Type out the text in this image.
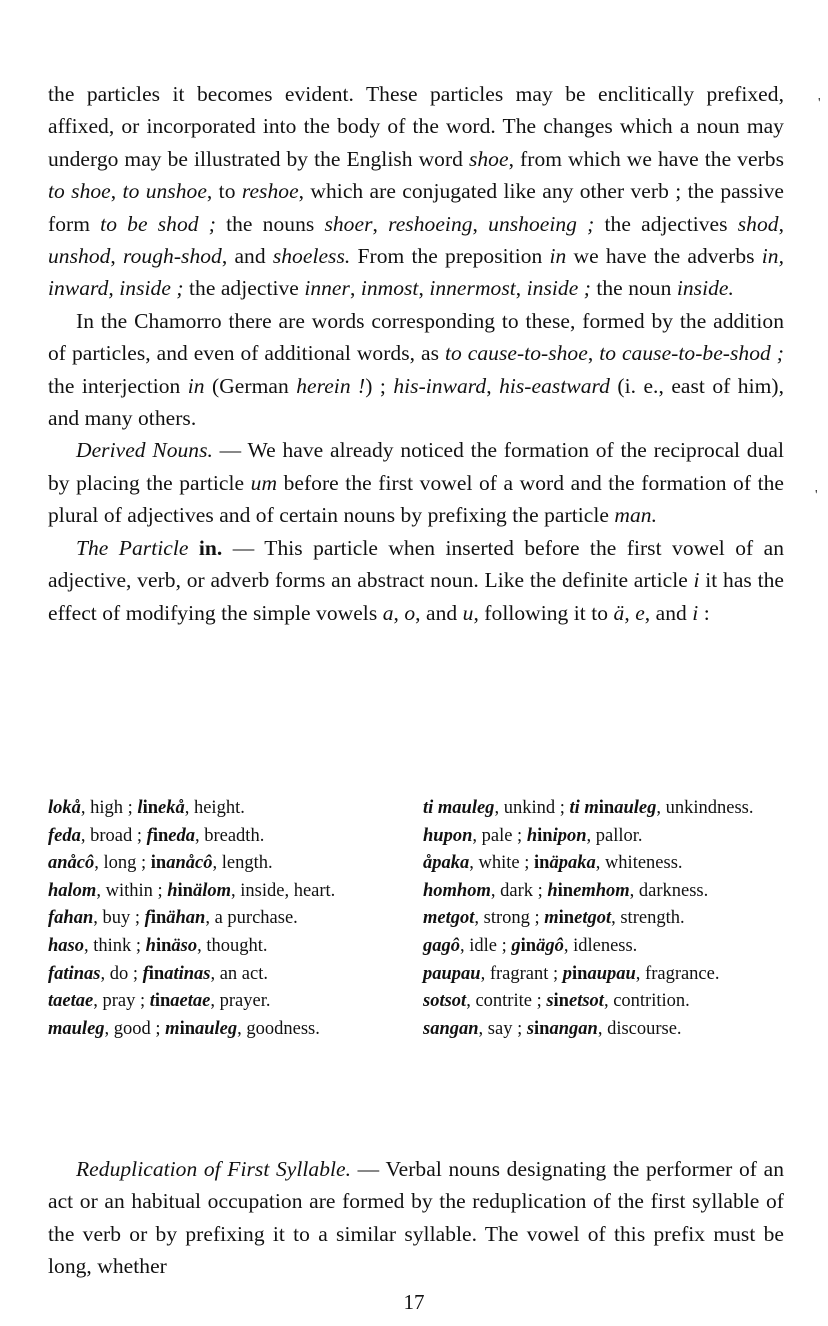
the particles it becomes evident. These particles may be enclitically prefixed, affixed, or incorporated into the body of the word. The changes which a noun may undergo may be illustrated by the English word shoe, from which we have the verbs to shoe, to unshoe, to reshoe, which are conjugated like any other verb ; the passive form to be shod ; the nouns shoer, reshoeing, unshoeing ; the adjectives shod, unshod, rough-shod, and shoeless. From the preposition in we have the adverbs in, inward, inside ; the adjective inner, inmost, innermost, inside ; the noun inside.

In the Chamorro there are words corresponding to these, formed by the addition of particles, and even of additional words, as to cause-to-shoe, to cause-to-be-shod ; the interjection in (German herein !) ; his-inward, his-eastward (i. e., east of him), and many others.

Derived Nouns. — We have already noticed the formation of the reciprocal dual by placing the particle um before the first vowel of a word and the formation of the plural of adjectives and of certain nouns by prefixing the particle man.

The Particle in. — This particle when inserted before the first vowel of an adjective, verb, or adverb forms an abstract noun. Like the definite article i it has the effect of modifying the simple vowels a, o, and u, following it to ä, e, and i :

'
'

lokå, high ; linekå, height.

feda, broad ; fineda, breadth.

anåcô, long ; inanåcô, length.

halom, within ; hinälom, inside, heart.

fahan, buy ; finähan, a purchase.

haso, think ; hinäso, thought.

fatinas, do ; finatinas, an act.

taetae, pray ; tinaetae, prayer.

mauleg, good ; minauleg, goodness.

ti mauleg, unkind ; ti minauleg, unkindness.

hupon, pale ; hinipon, pallor.

åpaka, white ; inäpaka, whiteness.

homhom, dark ; hinemhom, darkness.

metgot, strong ; minetgot, strength.

gagô, idle ; ginägô, idleness.

paupau, fragrant ; pinaupau, fragrance.

sotsot, contrite ; sinetsot, contrition.

sangan, say ; sinangan, discourse.

Reduplication of First Syllable. — Verbal nouns designating the performer of an act or an habitual occupation are formed by the reduplication of the first syllable of the verb or by prefixing it to a similar syllable. The vowel of this prefix must be long, whether

17
